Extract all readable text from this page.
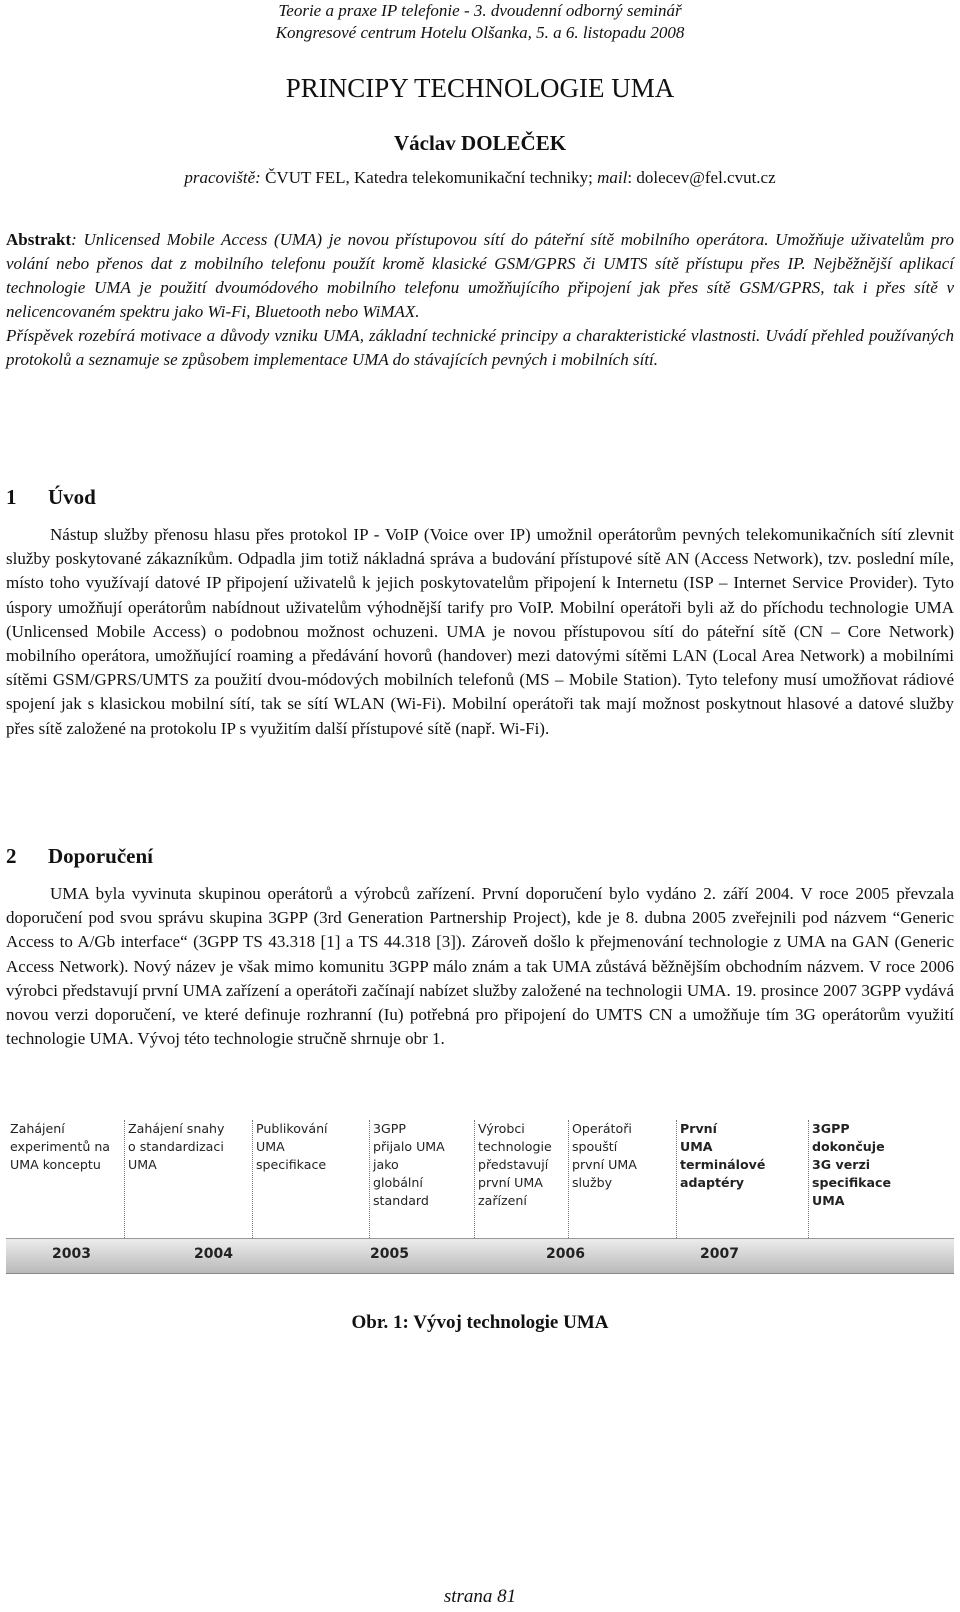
Teorie a praxe IP telefonie - 3. dvoudenní odborný seminář
Kongresové centrum Hotelu Olšanka, 5. a 6. listopadu 2008
PRINCIPY TECHNOLOGIE UMA
Václav DOLEČEK
pracoviště: ČVUT FEL, Katedra telekomunikační techniky; mail: dolecev@fel.cvut.cz

Abstrakt: Unlicensed Mobile Access (UMA) je novou přístupovou sítí do páteřní sítě mobilního operátora. Umožňuje uživatelům pro volání nebo přenos dat z mobilního telefonu použít kromě klasické GSM/GPRS či UMTS sítě přístupu přes IP. Nejběžnější aplikací technologie UMA je použití dvoumódového mobilního telefonu umožňujícího připojení jak přes sítě GSM/GPRS, tak i přes sítě v nelicencovaném spektru jako Wi-Fi, Bluetooth nebo WiMAX.

Příspěvek rozebírá motivace a důvody vzniku UMA, základní technické principy a charakteristické vlastnosti. Uvádí přehled používaných protokolů a seznamuje se způsobem implementace UMA do stávajících pevných i mobilních sítí.

1 Úvod

Nástup služby přenosu hlasu přes protokol IP - VoIP (Voice over IP) umožnil operátorům pevných telekomunikačních sítí zlevnit služby poskytované zákazníkům. Odpadla jim totiž nákladná správa a budování přístupové sítě AN (Access Network), tzv. poslední míle, místo toho využívají datové IP připojení uživatelů k jejich poskytovatelům připojení k Internetu (ISP – Internet Service Provider). Tyto úspory umožňují operátorům nabídnout uživatelům výhodnější tarify pro VoIP. Mobilní operátoři byli až do příchodu technologie UMA (Unlicensed Mobile Access) o podobnou možnost ochuzeni. UMA je novou přístupovou sítí do páteřní sítě (CN – Core Network) mobilního operátora, umožňující roaming a předávání hovorů (handover) mezi datovými sítěmi LAN (Local Area Network) a mobilními sítěmi GSM/GPRS/UMTS za použití dvou-módových mobilních telefonů (MS – Mobile Station). Tyto telefony musí umožňovat rádiové spojení jak s klasickou mobilní sítí, tak se sítí WLAN (Wi-Fi). Mobilní operátoři tak mají možnost poskytnout hlasové a datové služby přes sítě založené na protokolu IP s využitím další přístupové sítě (např. Wi-Fi).

2 Doporučení

UMA byla vyvinuta skupinou operátorů a výrobců zařízení. První doporučení bylo vydáno 2. září 2004. V roce 2005 převzala doporučení pod svou správu skupina 3GPP (3rd Generation Partnership Project), kde je 8. dubna 2005 zveřejnili pod názvem “Generic Access to A/Gb interface“ (3GPP TS 43.318 [1] a TS 44.318 [3]). Zároveň došlo k přejmenování technologie z UMA na GAN (Generic Access Network). Nový název je však mimo komunitu 3GPP málo znám a tak UMA zůstává běžnějším obchodním názvem. V roce 2006 výrobci představují první UMA zařízení a operátoři začínají nabízet služby založené na technologii UMA. 19. prosince 2007 3GPP vydává novou verzi doporučení, ve které definuje rozhranní (Iu) potřebná pro připojení do UMTS CN a umožňuje tím 3G operátorům využití technologie UMA. Vývoj této technologie stručně shrnuje obr 1.

Zahájení
experimentů na
UMA konceptu
Zahájení snahy
o standardizaci
UMA
Publikování
UMA
specifikace
3GPP
přijalo UMA
jako
globální
standard
Výrobci
technologie
představují
první UMA
zařízení
Operátoři
spouští
první UMA
služby
První
UMA
terminálové
adaptéry
3GPP
dokončuje
3G verzi
specifikace
UMA
2003	2004	2005	2006	2007
Obr. 1: Vývoj technologie UMA
strana 81
